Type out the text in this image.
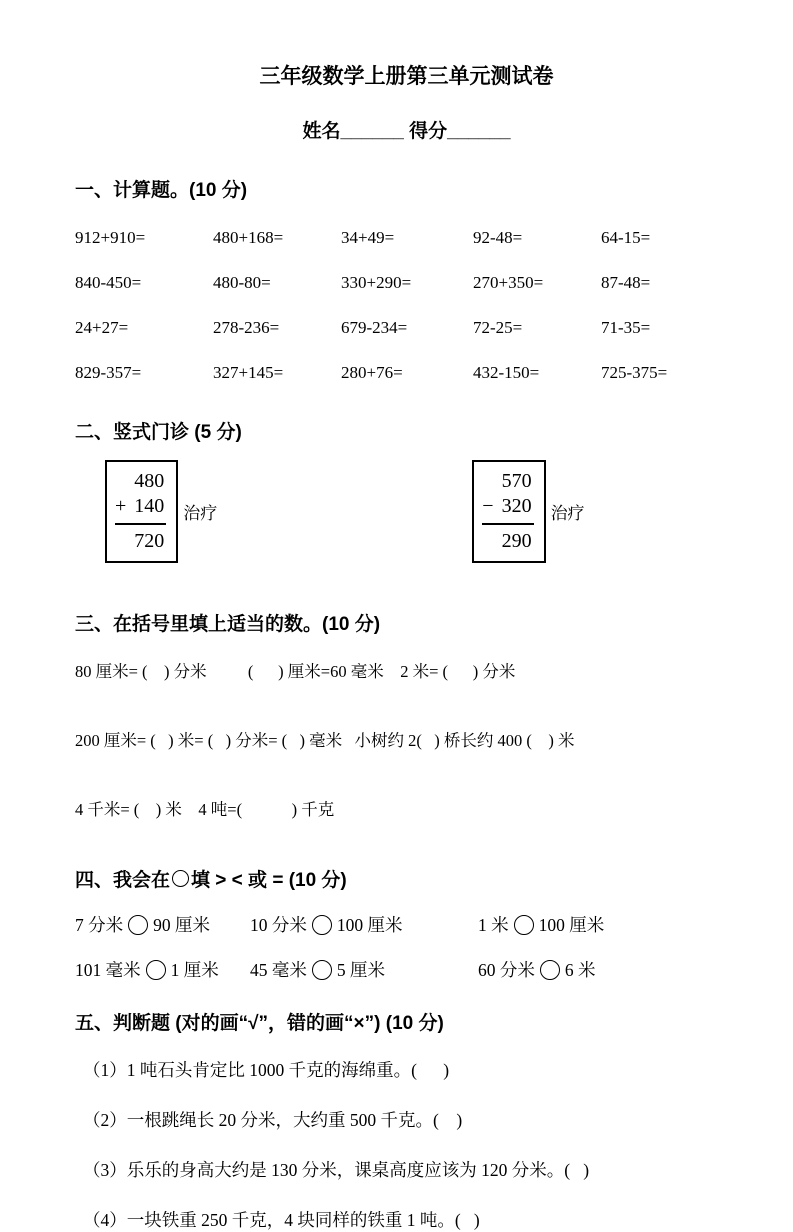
三年级数学上册第三单元测试卷
姓名______ 得分______
一、计算题。(10 分)
912+910=	480+168=	34+49=	92-48=	64-15=
840-450=	480-80=	330+290=	270+350=	87-48=
24+27=	278-236=	679-234=	72-25=	71-35=
829-357=	327+145=	280+76=	432-150=	725-375=
二、竖式门诊 (5 分)
480
+ 140
720
治疗
570
− 320
290
治疗
三、在括号里填上适当的数。(10 分)

80 厘米= (    ) 分米          (      ) 厘米=60 毫米    2 米= (      ) 分米

200 厘米= (   ) 米= (   ) 分米= (   ) 毫米   小树约 2(   ) 桥长约 400 (    ) 米

4 千米= (    ) 米    4 吨=(            ) 千克

四、我会在 填 > < 或 = (10 分)
7 分米 90 厘米	10 分米 100 厘米	1 米 100 厘米
101 毫米 1 厘米	45 毫米 5 厘米	60 分米 6 米
五、判断题 (对的画“√”，错的画“×”) (10 分)

（1）1 吨石头肯定比 1000 千克的海绵重。(      )

（2）一根跳绳长 20 分米，大约重 500 千克。(    )

（3）乐乐的身高大约是 130 分米，课桌高度应该为 120 分米。(   )

（4）一块铁重 250 千克，4 块同样的铁重 1 吨。(   )
